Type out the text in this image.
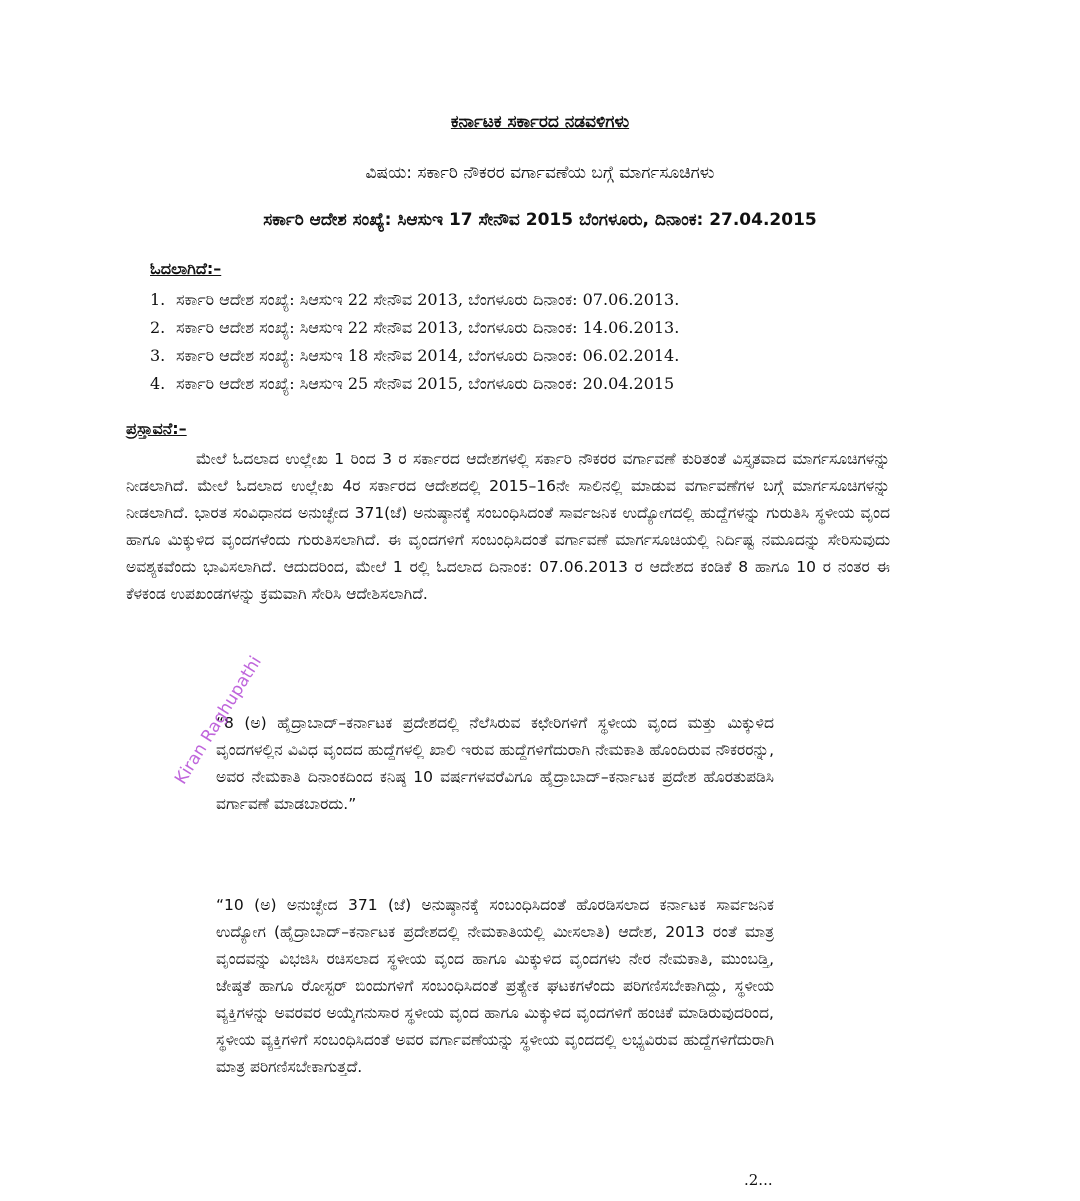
ಕರ್ನಾಟಕ ಸರ್ಕಾರದ ನಡವಳಿಗಳು
ವಿಷಯ: ಸರ್ಕಾರಿ ನೌಕರರ ವರ್ಗಾವಣೆಯ ಬಗ್ಗೆ ಮಾರ್ಗಸೂಚಿಗಳು
ಸರ್ಕಾರಿ ಆದೇಶ ಸಂಖ್ಯೆ: ಸಿಆಸುಇ 17 ಸೇನೌವ 2015 ಬೆಂಗಳೂರು, ದಿನಾಂಕ: 27.04.2015
ಓದಲಾಗಿದೆ:–
1. ಸರ್ಕಾರಿ ಆದೇಶ ಸಂಖ್ಯೆ: ಸಿಆಸುಇ 22 ಸೇನೌವ 2013, ಬೆಂಗಳೂರು ದಿನಾಂಕ: 07.06.2013.
2. ಸರ್ಕಾರಿ ಆದೇಶ ಸಂಖ್ಯೆ: ಸಿಆಸುಇ 22 ಸೇನೌವ 2013, ಬೆಂಗಳೂರು ದಿನಾಂಕ: 14.06.2013.
3. ಸರ್ಕಾರಿ ಆದೇಶ ಸಂಖ್ಯೆ: ಸಿಆಸುಇ 18 ಸೇನೌವ 2014, ಬೆಂಗಳೂರು ದಿನಾಂಕ: 06.02.2014.
4. ಸರ್ಕಾರಿ ಆದೇಶ ಸಂಖ್ಯೆ: ಸಿಆಸುಇ 25 ಸೇನೌವ 2015, ಬೆಂಗಳೂರು ದಿನಾಂಕ: 20.04.2015
ಪ್ರಸ್ತಾವನೆ:–

ಮೇಲೆ ಓದಲಾದ ಉಲ್ಲೇಖ 1 ರಿಂದ 3 ರ ಸರ್ಕಾರದ ಆದೇಶಗಳಲ್ಲಿ ಸರ್ಕಾರಿ ನೌಕರರ ವರ್ಗಾವಣೆ ಕುರಿತಂತೆ ವಿಸ್ತೃತವಾದ ಮಾರ್ಗಸೂಚಿಗಳನ್ನು ನೀಡಲಾಗಿದೆ. ಮೇಲೆ ಓದಲಾದ ಉಲ್ಲೇಖ 4ರ ಸರ್ಕಾರದ ಆದೇಶದಲ್ಲಿ 2015–16ನೇ ಸಾಲಿನಲ್ಲಿ ಮಾಡುವ ವರ್ಗಾವಣೆಗಳ ಬಗ್ಗೆ ಮಾರ್ಗಸೂಚಿಗಳನ್ನು ನೀಡಲಾಗಿದೆ. ಭಾರತ ಸಂವಿಧಾನದ ಅನುಚ್ಛೇದ 371(ಜೆ) ಅನುಷ್ಠಾನಕ್ಕೆ ಸಂಬಂಧಿಸಿದಂತೆ ಸಾರ್ವಜನಿಕ ಉದ್ಯೋಗದಲ್ಲಿ ಹುದ್ದೆಗಳನ್ನು ಗುರುತಿಸಿ ಸ್ಥಳೀಯ ವೃಂದ ಹಾಗೂ ಮಿಕ್ಕುಳಿದ ವೃಂದಗಳೆಂದು ಗುರುತಿಸಲಾಗಿದೆ. ಈ ವೃಂದಗಳಿಗೆ ಸಂಬಂಧಿಸಿದಂತೆ ವರ್ಗಾವಣೆ ಮಾರ್ಗಸೂಚಿಯಲ್ಲಿ ನಿರ್ದಿಷ್ಟ ನಮೂದನ್ನು ಸೇರಿಸುವುದು ಅವಶ್ಯಕವೆಂದು ಭಾವಿಸಲಾಗಿದೆ. ಆದುದರಿಂದ, ಮೇಲೆ 1 ರಲ್ಲಿ ಓದಲಾದ ದಿನಾಂಕ: 07.06.2013 ರ ಆದೇಶದ ಕಂಡಿಕೆ 8 ಹಾಗೂ 10 ರ ನಂತರ ಈ ಕೆಳಕಂಡ ಉಪಖಂಡಗಳನ್ನು ಕ್ರಮವಾಗಿ ಸೇರಿಸಿ ಆದೇಶಿಸಲಾಗಿದೆ.

“8 (ಅ) ಹೈದ್ರಾಬಾದ್–ಕರ್ನಾಟಕ ಪ್ರದೇಶದಲ್ಲಿ ನೆಲೆಸಿರುವ ಕಛೇರಿಗಳಿಗೆ ಸ್ಥಳೀಯ ವೃಂದ ಮತ್ತು ಮಿಕ್ಕುಳಿದ ವೃಂದಗಳಲ್ಲಿನ ವಿವಿಧ ವೃಂದದ ಹುದ್ದೆಗಳಲ್ಲಿ ಖಾಲಿ ಇರುವ ಹುದ್ದೆಗಳಿಗೆದುರಾಗಿ ನೇಮಕಾತಿ ಹೊಂದಿರುವ ನೌಕರರನ್ನು, ಅವರ ನೇಮಕಾತಿ ದಿನಾಂಕದಿಂದ ಕನಿಷ್ಠ 10 ವರ್ಷಗಳವರೆವಿಗೂ ಹೈದ್ರಾಬಾದ್–ಕರ್ನಾಟಕ ಪ್ರದೇಶ ಹೊರತುಪಡಿಸಿ ವರ್ಗಾವಣೆ ಮಾಡಬಾರದು.”

“10 (ಅ) ಅನುಚ್ಛೇದ 371 (ಜೆ) ಅನುಷ್ಠಾನಕ್ಕೆ ಸಂಬಂಧಿಸಿದಂತೆ ಹೊರಡಿಸಲಾದ ಕರ್ನಾಟಕ ಸಾರ್ವಜನಿಕ ಉದ್ಯೋಗ (ಹೈದ್ರಾಬಾದ್–ಕರ್ನಾಟಕ ಪ್ರದೇಶದಲ್ಲಿ ನೇಮಕಾತಿಯಲ್ಲಿ ಮೀಸಲಾತಿ) ಆದೇಶ, 2013 ರಂತೆ ಮಾತ್ರ ವೃಂದವನ್ನು ವಿಭಜಿಸಿ ರಚಿಸಲಾದ ಸ್ಥಳೀಯ ವೃಂದ ಹಾಗೂ ಮಿಕ್ಕುಳಿದ ವೃಂದಗಳು ನೇರ ನೇಮಕಾತಿ, ಮುಂಬಡ್ತಿ, ಜೇಷ್ಠತೆ ಹಾಗೂ ರೋಸ್ಟರ್ ಬಿಂದುಗಳಿಗೆ ಸಂಬಂಧಿಸಿದಂತೆ ಪ್ರತ್ಯೇಕ ಘಟಕಗಳೆಂದು ಪರಿಗಣಿಸಬೇಕಾಗಿದ್ದು, ಸ್ಥಳೀಯ ವ್ಯಕ್ತಿಗಳನ್ನು ಅವರವರ ಅಯ್ಕೆಗನುಸಾರ ಸ್ಥಳೀಯ ವೃಂದ ಹಾಗೂ ಮಿಕ್ಕುಳಿದ ವೃಂದಗಳಿಗೆ ಹಂಚಿಕೆ ಮಾಡಿರುವುದರಿಂದ, ಸ್ಥಳೀಯ ವ್ಯಕ್ತಿಗಳಿಗೆ ಸಂಬಂಧಿಸಿದಂತೆ ಅವರ ವರ್ಗಾವಣೆಯನ್ನು ಸ್ಥಳೀಯ ವೃಂದದಲ್ಲಿ ಲಭ್ಯವಿರುವ ಹುದ್ದೆಗಳಿಗೆದುರಾಗಿ ಮಾತ್ರ ಪರಿಗಣಿಸಬೇಕಾಗುತ್ತದೆ.

.2...
Kiran Raghupathi
